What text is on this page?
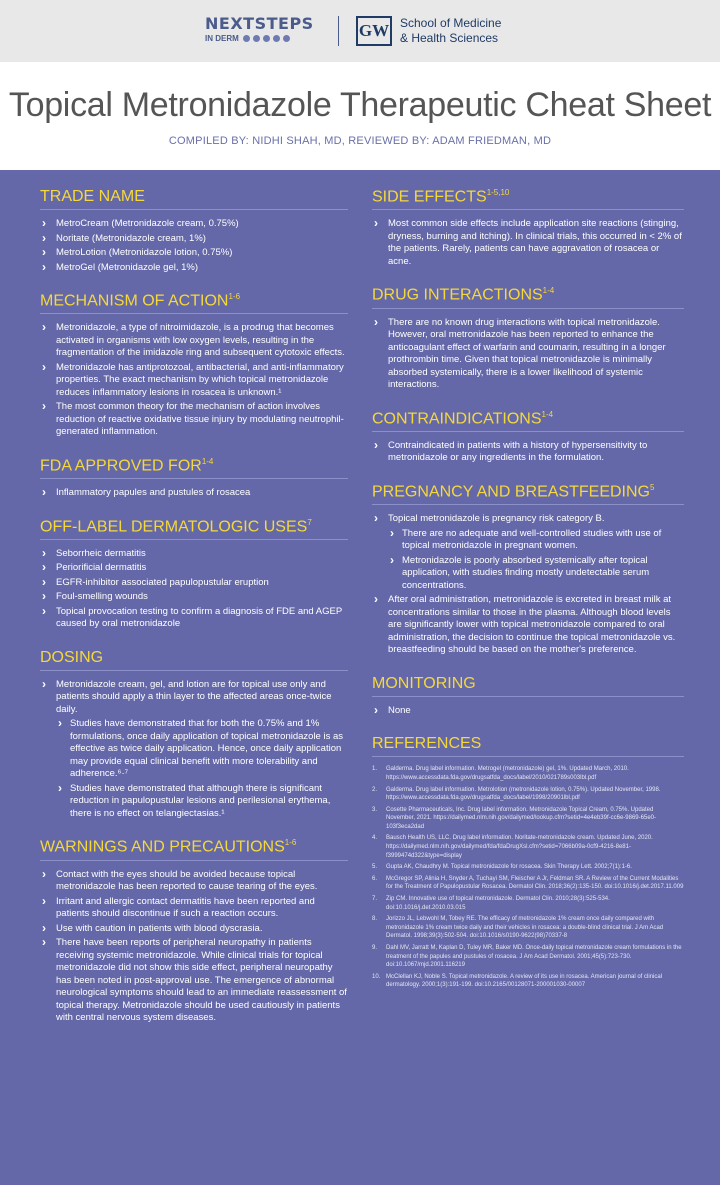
NEXTSTEPS
IN DERM	GW School of Medicine
& Health Sciences
Topical Metronidazole Therapeutic Cheat Sheet
COMPILED BY: NIDHI SHAH, MD, REVIEWED BY: ADAM FRIEDMAN, MD
TRADE NAME
› MetroCream (Metronidazole cream, 0.75%)
› Noritate (Metronidazole cream, 1%)
› MetroLotion (Metronidazole lotion, 0.75%)
› MetroGel (Metronidazole gel, 1%)
MECHANISM OF ACTION$^{1-6}$
› Metronidazole, a type of nitroimidazole, is a prodrug that becomes activated in organisms with low oxygen levels, resulting in the fragmentation of the imidazole ring and subsequent cytotoxic effects.
› Metronidazole has antiprotozoal, antibacterial, and anti-inflammatory properties. The exact mechanism by which topical metronidazole reduces inflammatory lesions in rosacea is unknown.¹
› The most common theory for the mechanism of action involves reduction of reactive oxidative tissue injury by modulating neutrophil-generated inflammation.
FDA APPROVED FOR$^{1-4}$
› Inflammatory papules and pustules of rosacea
OFF-LABEL DERMATOLOGIC USES$^7$
› Seborrheic dermatitis
› Periorificial dermatitis
› EGFR-inhibitor associated papulopustular eruption
› Foul-smelling wounds
› Topical provocation testing to confirm a diagnosis of FDE and AGEP caused by oral metronidazole
DOSING
› Metronidazole cream, gel, and lotion are for topical use only and patients should apply a thin layer to the affected areas once-twice daily.
› Studies have demonstrated that for both the 0.75% and 1% formulations, once daily application of topical metronidazole is as effective as twice daily application. Hence, once daily application may provide equal clinical benefit with more tolerability and adherence.⁶·⁷
› Studies have demonstrated that although there is significant reduction in papulopustular lesions and perilesional erythema, there is no effect on telangiectasias.¹
WARNINGS AND PRECAUTIONS$^{1-6}$
› Contact with the eyes should be avoided because topical metronidazole has been reported to cause tearing of the eyes.
› Irritant and allergic contact dermatitis have been reported and patients should discontinue if such a reaction occurs.
› Use with caution in patients with blood dyscrasia.
› There have been reports of peripheral neuropathy in patients receiving systemic metronidazole. While clinical trials for topical metronidazole did not show this side effect, peripheral neuropathy has been noted in post-approval use. The emergence of abnormal neurological symptoms should lead to an immediate reassessment of topical therapy. Metronidazole should be used cautiously in patients with central nervous system diseases.
SIDE EFFECTS$^{1-5,10}$
› Most common side effects include application site reactions (stinging, dryness, burning and itching). In clinical trials, this occurred in < 2% of the patients. Rarely, patients can have aggravation of rosacea or acne.
DRUG INTERACTIONS$^{1-4}$
› There are no known drug interactions with topical metronidazole. However, oral metronidazole has been reported to enhance the anticoagulant effect of warfarin and coumarin, resulting in a longer prothrombin time. Given that topical metronidazole is minimally absorbed systemically, there is a lower likelihood of systemic interactions.
CONTRAINDICATIONS$^{1-4}$
› Contraindicated in patients with a history of hypersensitivity to metronidazole or any ingredients in the formulation.
PREGNANCY AND BREASTFEEDING$^5$
› Topical metronidazole is pregnancy risk category B.
› There are no adequate and well-controlled studies with use of topical metronidazole in pregnant women.
› Metronidazole is poorly absorbed systemically after topical application, with studies finding mostly undetectable serum concentrations.
› After oral administration, metronidazole is excreted in breast milk at concentrations similar to those in the plasma. Although blood levels are significantly lower with topical metronidazole compared to oral administration, the decision to continue the topical metronidazole vs. breastfeeding should be based on the mother's preference.
MONITORING
› None
REFERENCES
1. Galderma. Drug label information. Metrogel (metronidazole) gel, 1%. Updated March, 2010. https://www.accessdata.fda.gov/drugsatfda_docs/label/2010/021789s003lbl.pdf
2. Galderma. Drug label information. Metrolotion (metronidazole lotion, 0.75%). Updated November, 1998. https://www.accessdata.fda.gov/drugsatfda_docs/label/1998/20901lbl.pdf
3. Cosette Pharmaceuticals, Inc. Drug label information. Metronidazole Topical Cream, 0.75%. Updated November, 2021. https://dailymed.nlm.nih.gov/dailymed/lookup.cfm?setid=4e4eb39f-cc6e-9869-65e0-103f3eca2dad
4. Bausch Health US, LLC. Drug label information. Noritate-metronidazole cream. Updated June, 2020. https://dailymed.nlm.nih.gov/dailymed/fda/fdaDrugXsl.cfm?setid=7066b09a-0cf9-4216-8e81-f3999474d322&type=display
5. Gupta AK, Chaudhry M. Topical metronidazole for rosacea. Skin Therapy Lett. 2002;7(1):1-6.
6. McGregor SP, Alinia H, Snyder A, Tuchayi SM, Fleischer A Jr, Feldman SR. A Review of the Current Modalities for the Treatment of Papulopustular Rosacea. Dermatol Clin. 2018;36(2):135-150. doi:10.1016/j.det.2017.11.009
7. Zip CM. Innovative use of topical metronidazole. Dermatol Clin. 2010;28(3):525-534. doi:10.1016/j.det.2010.03.015
8. Jorizzo JL, Lebwohl M, Tobey RE. The efficacy of metronidazole 1% cream once daily compared with metronidazole 1% cream twice daily and their vehicles in rosacea: a double-blind clinical trial. J Am Acad Dermatol. 1998;39(3):502-504. doi:10.1016/s0190-9622(98)70337-8
9. Dahl MV, Jarratt M, Kaplan D, Tuley MR, Baker MD. Once-daily topical metronidazole cream formulations in the treatment of the papules and pustules of rosacea. J Am Acad Dermatol. 2001;45(5):723-730. doi:10.1067/mjd.2001.116219
10. McClellan KJ, Noble S. Topical metronidazole. A review of its use in rosacea. American journal of clinical dermatology. 2000;1(3):191-199. doi:10.2165/00128071-200001030-00007
